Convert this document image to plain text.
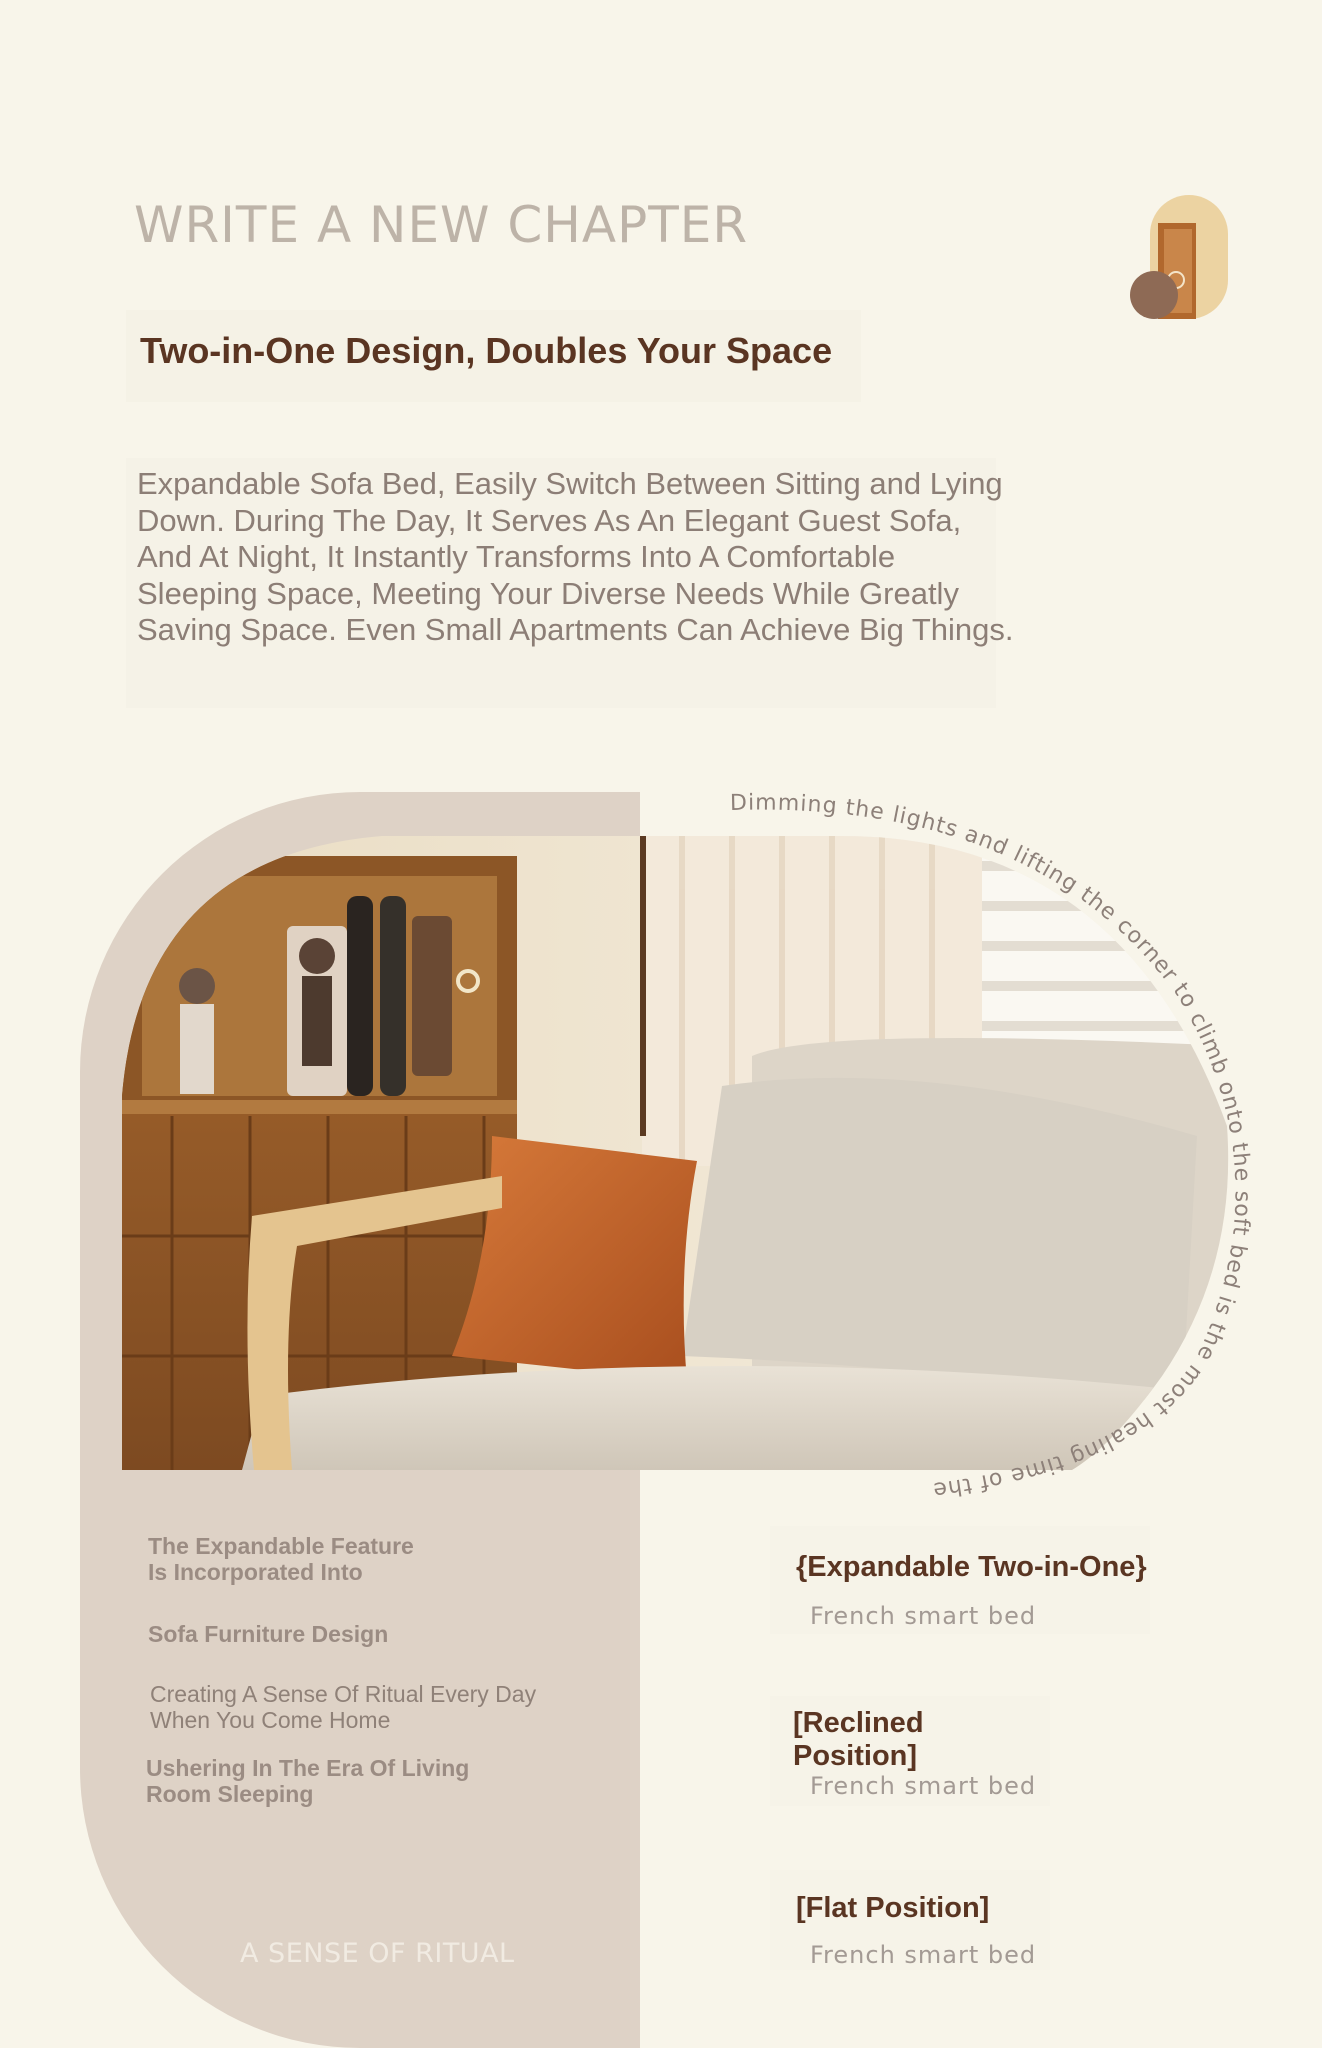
WRITE A NEW CHAPTER
Two-in-One Design, Doubles Your Space
Expandable Sofa Bed, Easily Switch Between Sitting and Lying Down. During The Day, It Serves As An Elegant Guest Sofa, And At Night, It Instantly Transforms Into A Comfortable Sleeping Space, Meeting Your Diverse Needs While Greatly Saving Space. Even Small Apartments Can Achieve Big Things.
Dimming the lights and lifting the corner to climb onto the soft bed is the most healing time of the
The Expandable Feature
Is Incorporated Into
Sofa Furniture Design
Creating A Sense Of Ritual Every Day
When You Come Home
Ushering In The Era Of Living
Room Sleeping
A SENSE OF RITUAL
{Expandable Two-in-One}
French smart bed
[Reclined
Position]
French smart bed
[Flat Position]
French smart bed
